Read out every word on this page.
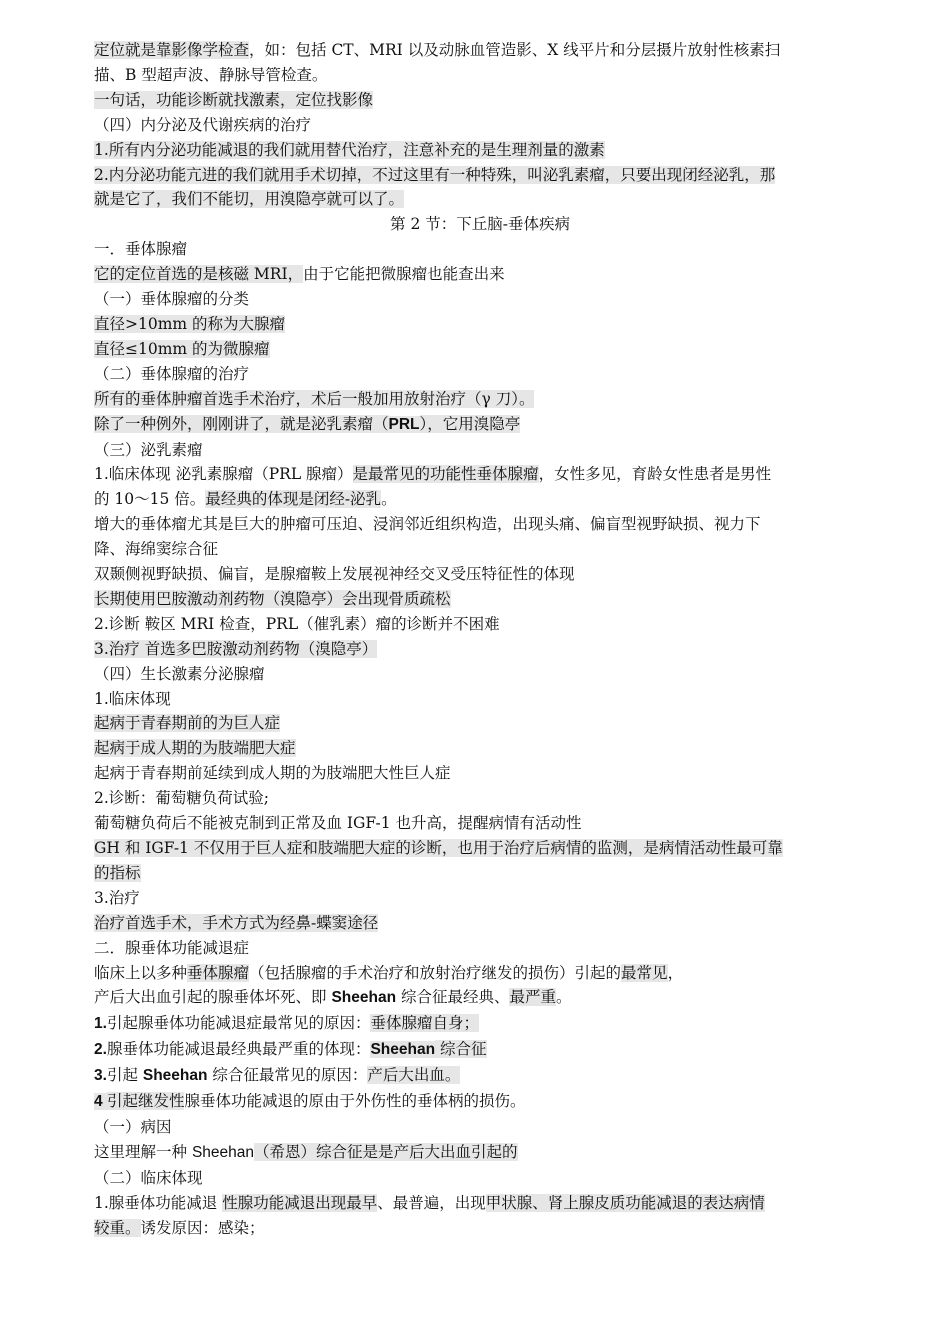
定位就是靠影像学检查，如：包括 CT、MRI 以及动脉血管造影、X 线平片和分层摄片放射性核素扫
描、B 型超声波、静脉导管检查。
一句话，功能诊断就找激素，定位找影像
（四）内分泌及代谢疾病的治疗
1.所有内分泌功能减退的我们就用替代治疗，注意补充的是生理剂量的激素
2.内分泌功能亢进的我们就用手术切掉，不过这里有一种特殊，叫泌乳素瘤，只要出现闭经泌乳，那
就是它了，我们不能切，用溴隐亭就可以了。
第 2 节：下丘脑-垂体疾病
一．垂体腺瘤
它的定位首选的是核磁 MRI，由于它能把微腺瘤也能查出来
（一）垂体腺瘤的分类
直径>10mm 的称为大腺瘤
直径≤10mm 的为微腺瘤
（二）垂体腺瘤的治疗
所有的垂体肿瘤首选手术治疗，术后一般加用放射治疗（γ 刀）。
除了一种例外，刚刚讲了，就是泌乳素瘤（PRL），它用溴隐亭
（三）泌乳素瘤
1.临床体现 泌乳素腺瘤（PRL 腺瘤）是最常见的功能性垂体腺瘤，女性多见，育龄女性患者是男性
的 10～15 倍。最经典的体现是闭经-泌乳。
增大的垂体瘤尤其是巨大的肿瘤可压迫、浸润邻近组织构造，出现头痛、偏盲型视野缺损、视力下
降、海绵窦综合征
双颞侧视野缺损、偏盲，是腺瘤鞍上发展视神经交叉受压特征性的体现
长期使用巴胺激动剂药物（溴隐亭）会出现骨质疏松
2.诊断 鞍区 MRI 检查，PRL（催乳素）瘤的诊断并不困难
3.治疗 首选多巴胺激动剂药物（溴隐亭）
（四）生长激素分泌腺瘤
1.临床体现
起病于青春期前的为巨人症
起病于成人期的为肢端肥大症
起病于青春期前延续到成人期的为肢端肥大性巨人症
2.诊断：葡萄糖负荷试验;
葡萄糖负荷后不能被克制到正常及血 IGF-1 也升高，提醒病情有活动性
GH 和 IGF-1 不仅用于巨人症和肢端肥大症的诊断，也用于治疗后病情的监测，是病情活动性最可靠
的指标
3.治疗
治疗首选手术，手术方式为经鼻-蝶窦途径
二．腺垂体功能减退症
临床上以多种垂体腺瘤（包括腺瘤的手术治疗和放射治疗继发的损伤）引起的最常见，
产后大出血引起的腺垂体坏死、即 Sheehan 综合征最经典、最严重。
1.引起腺垂体功能减退症最常见的原因：垂体腺瘤自身；
2.腺垂体功能减退最经典最严重的体现：Sheehan 综合征
3.引起 Sheehan 综合征最常见的原因：产后大出血。
4 引起继发性腺垂体功能减退的原由于外伤性的垂体柄的损伤。
（一）病因
这里理解一种 Sheehan（希恩）综合征是是产后大出血引起的
（二）临床体现
1.腺垂体功能减退 性腺功能减退出现最早、最普遍，出现甲状腺、肾上腺皮质功能减退的表达病情
较重。诱发原因：感染；
